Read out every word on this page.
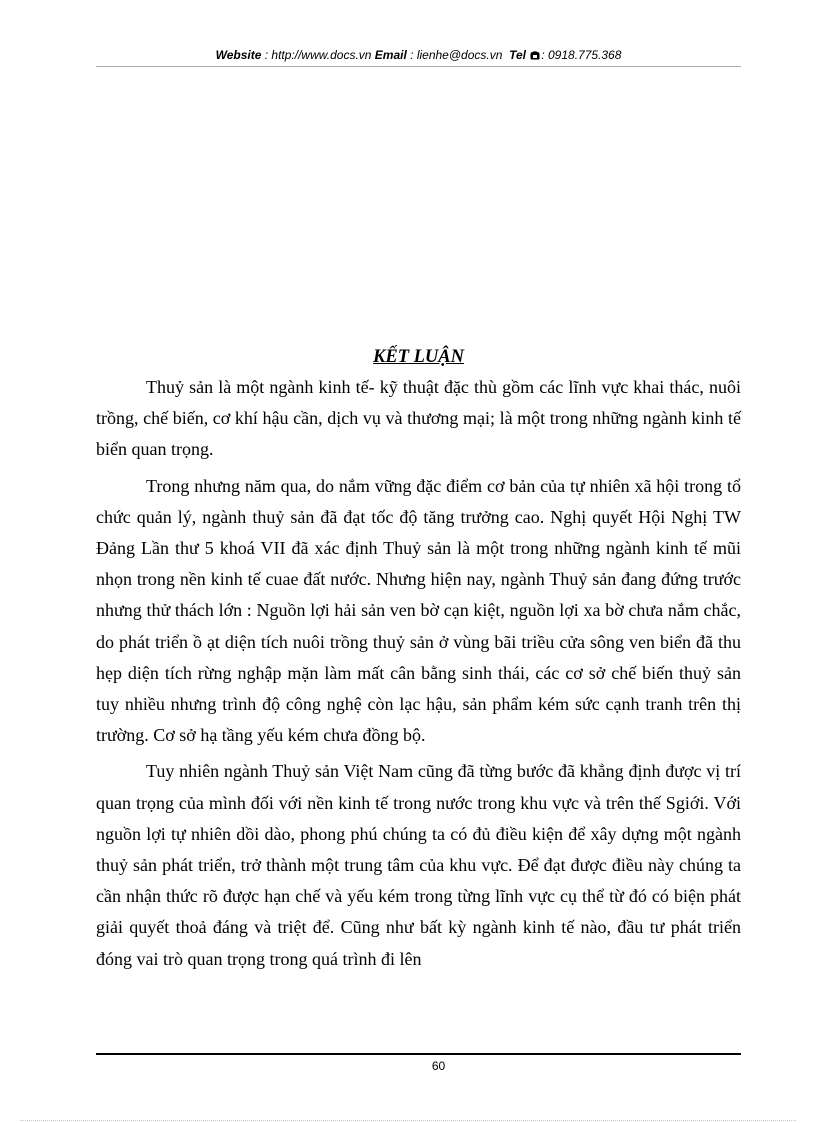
Website : http://www.docs.vn Email : lienhe@docs.vn Tel : 0918.775.368
KẾT LUẬN

Thuỷ sản là một ngành kinh tế- kỹ thuật đặc thù gồm các lĩnh vực khai thác, nuôi trồng, chế biến, cơ khí hậu cần, dịch vụ và thương mại; là một trong những ngành kinh tế biển quan trọng.

Trong nhưng năm qua, do nắm vững đặc điểm cơ bản của tự nhiên xã hội trong tổ chức quản lý, ngành thuỷ sản đã đạt tốc độ tăng trưởng cao. Nghị quyết Hội Nghị TW Đảng Lần thư 5 khoá VII đã xác định Thuỷ sản là một trong những ngành kinh tế mũi nhọn trong nền kinh tế cuae đất nước. Nhưng hiện nay, ngành Thuỷ sản đang đứng trước nhưng thử thách lớn : Nguồn lợi hải sản ven bờ cạn kiệt, nguồn lợi xa bờ chưa nắm chắc, do phát triển ồ ạt diện tích nuôi trồng thuỷ sản ở vùng bãi triều cửa sông ven biển đã thu hẹp diện tích rừng nghập mặn làm mất cân bằng sinh thái, các cơ sở chế biến thuỷ sản tuy nhiều nhưng trình độ công nghệ còn lạc hậu, sản phẩm kém sức cạnh tranh trên thị trường. Cơ sở hạ tầng yếu kém chưa đồng bộ.

Tuy nhiên ngành Thuỷ sản Việt Nam cũng đã từng bước đã khẳng định được vị trí quan trọng của mình đối với nền kinh tế trong nước trong khu vực và trên thế Sgiới. Với nguồn lợi tự nhiên dồi dào, phong phú chúng ta có đủ điều kiện để xây dựng một ngành thuỷ sản phát triển, trở thành một trung tâm của khu vực. Để đạt được điều này chúng ta cần nhận thức rõ được hạn chế và yếu kém trong từng lĩnh vực cụ thể từ đó có biện phát giải quyết thoả đáng và triệt để. Cũng như bất kỳ ngành kinh tế nào, đầu tư phát triển đóng vai trò quan trọng trong quá trình đi lên

60
